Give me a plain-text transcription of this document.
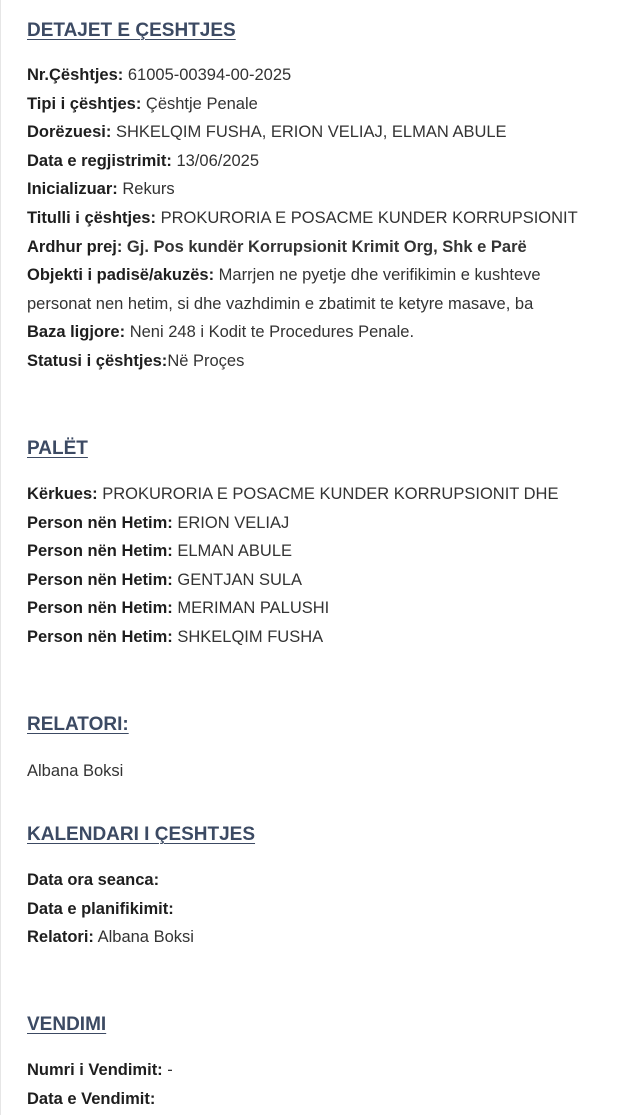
DETAJET E ÇESHTJES
Nr.Çështjes: 61005-00394-00-2025
Tipi i çështjes: Çështje Penale
Dorëzuesi: SHKELQIM FUSHA, ERION VELIAJ, ELMAN ABULE
Data e regjistrimit: 13/06/2025
Inicializuar: Rekurs
Titulli i çështjes: PROKURORIA E POSACME KUNDER KORRUPSIONIT
Ardhur prej: Gj. Pos kundër Korrupsionit Krimit Org, Shk e Parë
Objekti i padisë/akuzës: Marrjen ne pyetje dhe verifikimin e kushteve
personat nen hetim, si dhe vazhdimin e zbatimit te ketyre masave, ba
Baza ligjore: Neni 248 i Kodit te Procedures Penale.
Statusi i çështjes:Në Proçes
PALËT
Kërkues: PROKURORIA E POSACME KUNDER KORRUPSIONIT DHE
Person nën Hetim: ERION VELIAJ
Person nën Hetim: ELMAN ABULE
Person nën Hetim: GENTJAN SULA
Person nën Hetim: MERIMAN PALUSHI
Person nën Hetim: SHKELQIM FUSHA
RELATORI:
Albana Boksi
KALENDARI I ÇESHTJES
Data ora seanca:
Data e planifikimit:
Relatori: Albana Boksi
VENDIMI
Numri i Vendimit: -
Data e Vendimit:
